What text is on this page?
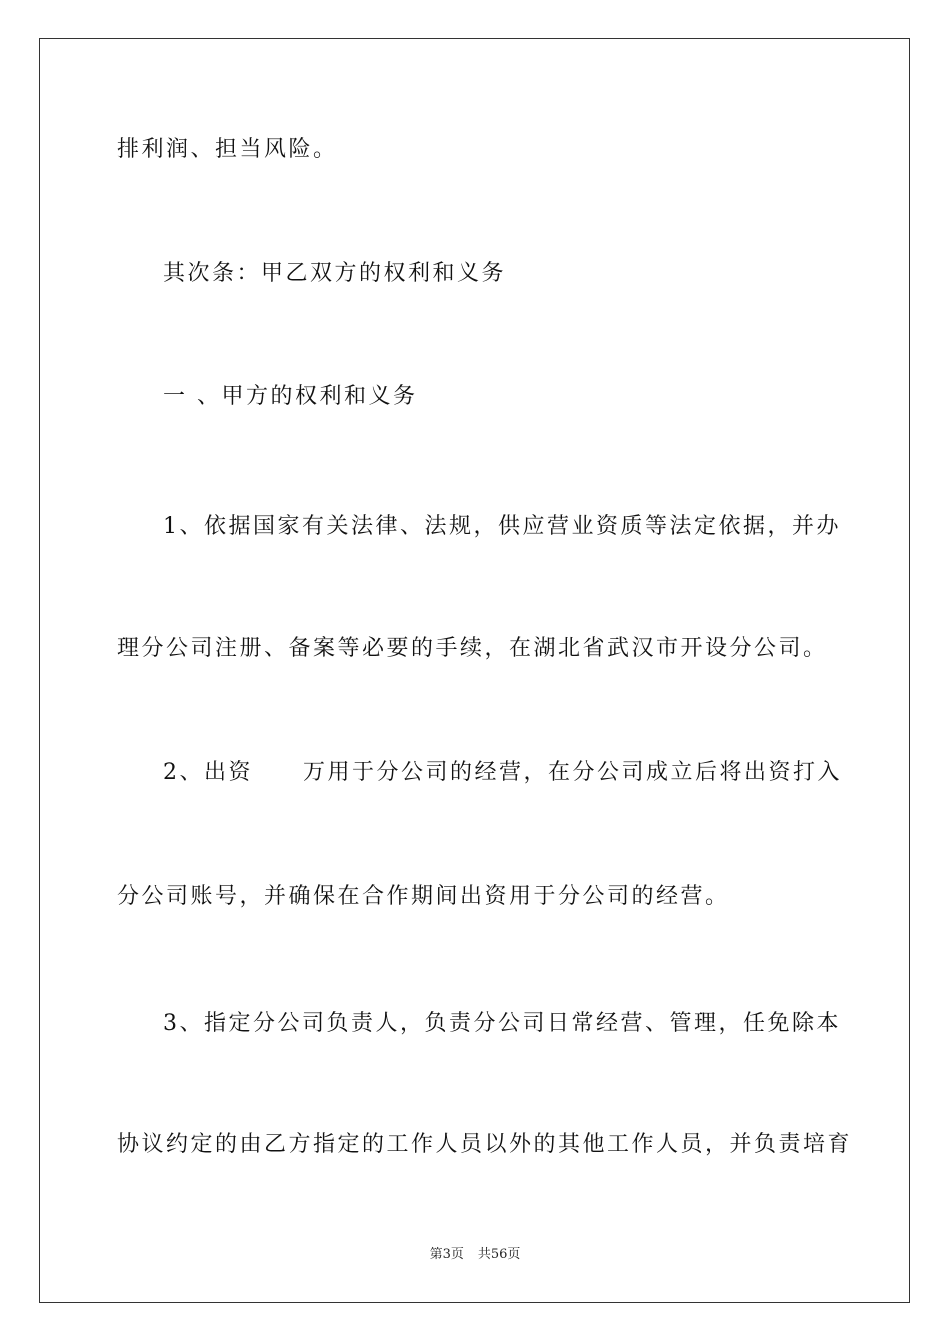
排利润、担当风险。
其次条：甲乙双方的权利和义务
一 、甲方的权利和义务
1、依据国家有关法律、法规，供应营业资质等法定依据，并办
理分公司注册、备案等必要的手续，在湖北省武汉市开设分公司。
2、出资 万用于分公司的经营，在分公司成立后将出资打入
分公司账号，并确保在合作期间出资用于分公司的经营。
3、指定分公司负责人，负责分公司日常经营、管理，任免除本
协议约定的由乙方指定的工作人员以外的其他工作人员，并负责培育
第3页 共56页
